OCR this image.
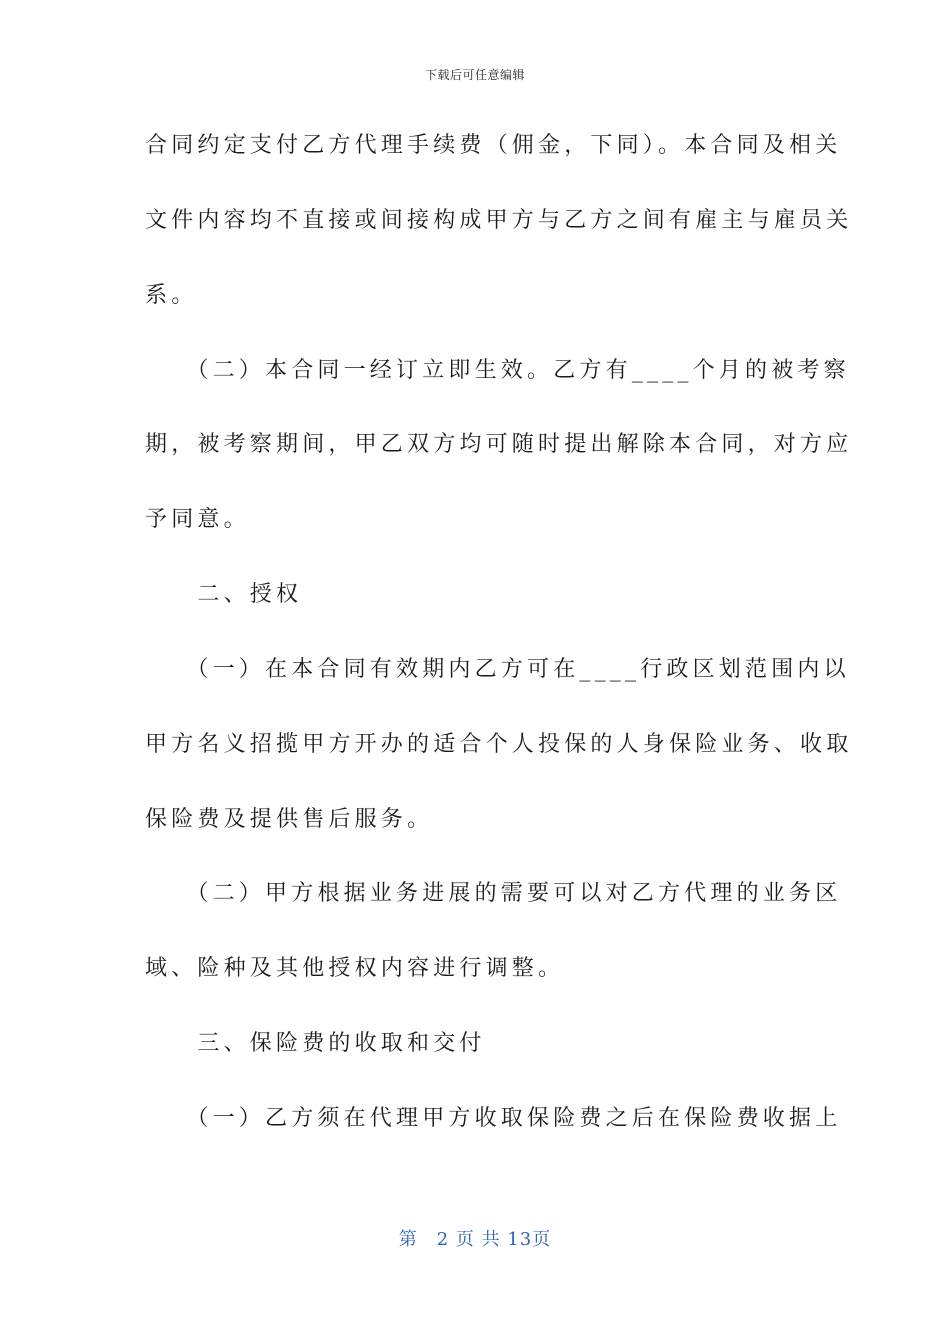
下载后可任意编辑
合同约定支付乙方代理手续费（佣金，下同）。本合同及相关
文件内容均不直接或间接构成甲方与乙方之间有雇主与雇员关
系。
　　（二）本合同一经订立即生效。乙方有____个月的被考察
期，被考察期间，甲乙双方均可随时提出解除本合同，对方应
予同意。
　　二、授权
　　（一）在本合同有效期内乙方可在____行政区划范围内以
甲方名义招揽甲方开办的适合个人投保的人身保险业务、收取
保险费及提供售后服务。
　　（二）甲方根据业务进展的需要可以对乙方代理的业务区
域、险种及其他授权内容进行调整。
　　三、保险费的收取和交付
　　（一）乙方须在代理甲方收取保险费之后在保险费收据上
第　2 页 共 13页
